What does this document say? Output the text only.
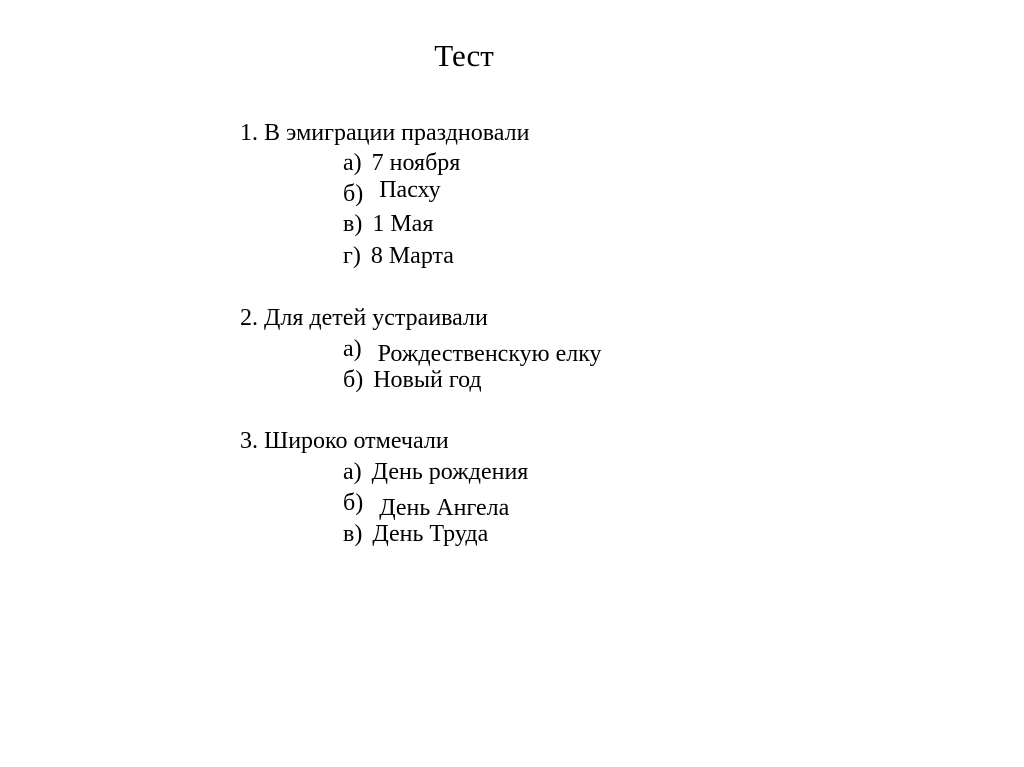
Тест
1. В эмиграции праздновали
а) 7 ноября
б) Пасху
в) 1 Мая
г) 8 Марта
2. Для детей устраивали
а) Рождественскую елку
б) Новый год
3. Широко отмечали
а) День рождения
б) День Ангела
в) День Труда
